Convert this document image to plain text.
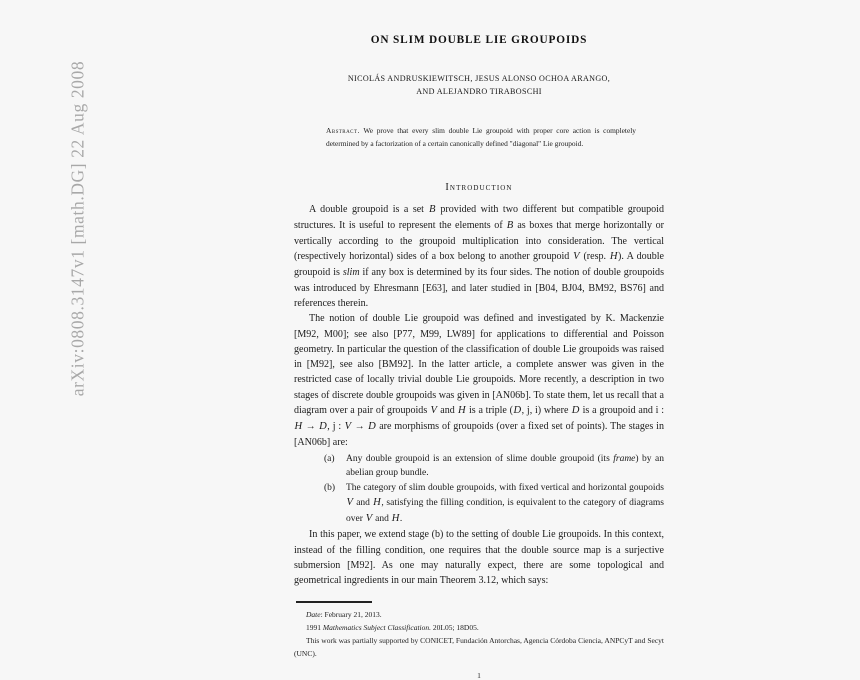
arXiv:0808.3147v1 [math.DG] 22 Aug 2008
ON SLIM DOUBLE LIE GROUPOIDS
NICOLÁS ANDRUSKIEWITSCH, JESUS ALONSO OCHOA ARANGO,
AND ALEJANDRO TIRABOSCHI
Abstract. We prove that every slim double Lie groupoid with proper core action is completely determined by a factorization of a certain canonically defined "diagonal" Lie groupoid.
Introduction

A double groupoid is a set B provided with two different but compatible groupoid structures. It is useful to represent the elements of B as boxes that merge horizontally or vertically according to the groupoid multiplication into consideration. The vertical (respectively horizontal) sides of a box belong to another groupoid V (resp. H). A double groupoid is slim if any box is determined by its four sides. The notion of double groupoids was introduced by Ehresmann [E63], and later studied in [B04, BJ04, BM92, BS76] and references therein.

The notion of double Lie groupoid was defined and investigated by K. Mackenzie [M92, M00]; see also [P77, M99, LW89] for applications to differential and Poisson geometry. In particular the question of the classification of double Lie groupoids was raised in [M92], see also [BM92]. In the latter article, a complete answer was given in the restricted case of locally trivial double Lie groupoids. More recently, a description in two stages of discrete double groupoids was given in [AN06b]. To state them, let us recall that a diagram over a pair of groupoids V and H is a triple (D, j, i) where D is a groupoid and i : H → D, j : V → D are morphisms of groupoids (over a fixed set of points). The stages in [AN06b] are:

(a)	Any double groupoid is an extension of slime double groupoid (its frame) by an abelian group bundle.
(b)	The category of slim double groupoids, with fixed vertical and horizontal goupoids V and H, satisfying the filling condition, is equivalent to the category of diagrams over V and H.

In this paper, we extend stage (b) to the setting of double Lie groupoids. In this context, instead of the filling condition, one requires that the double source map is a surjective submersion [M92]. As one may naturally expect, there are some topological and geometrical ingredients in our main Theorem 3.12, which says:

Date: February 21, 2013.

1991 Mathematics Subject Classification. 20L05; 18D05.

This work was partially supported by CONICET, Fundación Antorchas, Agencia Córdoba Ciencia, ANPCyT and Secyt (UNC).

1
